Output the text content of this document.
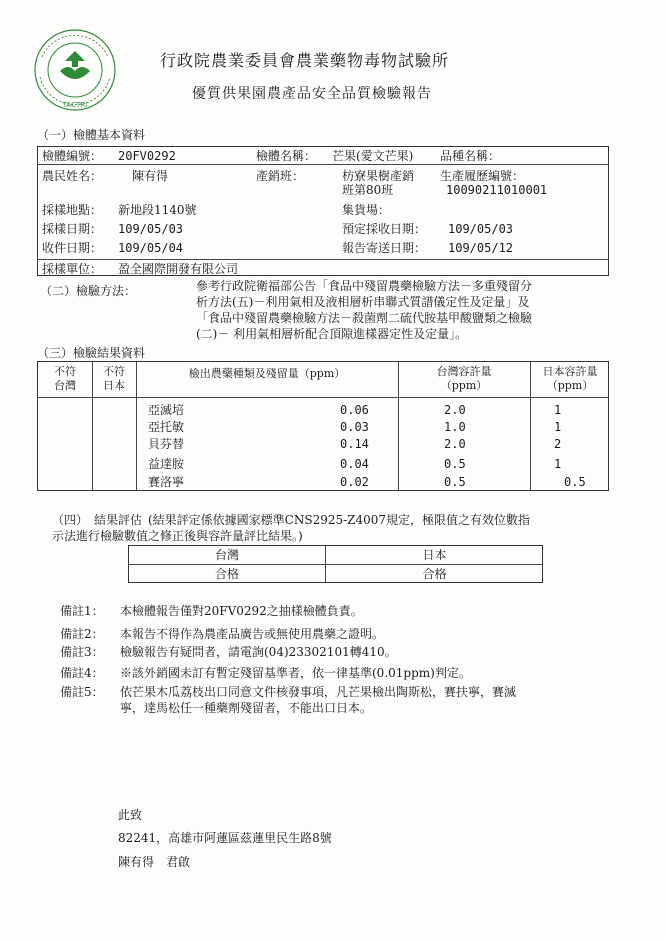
TACTRI
行政院農業委員會農業藥物毒物試驗所
優質供果園農產品安全品質檢驗報告
（一）檢體基本資料
檢體編號： 20FV0292	檢體名稱： 芒果(愛文芒果) 品種名稱：
農民姓名： 陳有得	產銷班：	枋寮果樹產銷
班第80班
生產履歷編號：
10090211010001
採樣地點： 新地段1140號	集貨場：
採樣日期： 109/05/03	預定採收日期： 109/05/03
收件日期： 109/05/04	報告寄送日期： 109/05/12
採樣單位： 盈全國際開發有限公司
（二）檢驗方法：	參考行政院衛福部公告「食品中殘留農藥檢驗方法－多重殘留分
析方法(五)－利用氣相及液相層析串聯式質譜儀定性及定量」及
「食品中殘留農藥檢驗方法－殺菌劑二硫代胺基甲酸鹽類之檢驗
(二)－ 利用氣相層析配合頂隙進樣器定性及定量」。
（三）檢驗結果資料
不符
台灣
不符
日本
檢出農藥種類及殘留量（ppm）	台灣容許量
（ppm）
日本容許量
（ppm）
亞滅培	0.06	2.0	1
亞托敏	0.03	1.0	1
貝芬替	0.14	2.0	2
益達胺	0.04	0.5	1
賽洛寧	0.02	0.5	0.5
（四）　結果評估 (結果評定係依據國家標準CNS2925-Z4007規定，極限值之有效位數指
示法進行檢驗數值之修正後與容許量評比結果。)
台灣	日本
合格	合格
備註1： 本檢體報告僅對20FV0292之抽樣檢體負責。
備註2： 本報告不得作為農產品廣告或無使用農藥之證明。
備註3： 檢驗報告有疑問者，請電詢(04)23302101轉410。
備註4： ※該外銷國未訂有暫定殘留基準者，依一律基準(0.01ppm)判定。
備註5： 依芒果木瓜荔枝出口同意文件核發事項，凡芒果檢出陶斯松，賽扶寧，賽滅
寧，達馬松任一種藥劑殘留者，不能出口日本。
此致
82241，高雄市阿蓮區茲蓮里民生路8號
陳有得　君啟
行政院農業委員會農業藥物毒物試驗所
